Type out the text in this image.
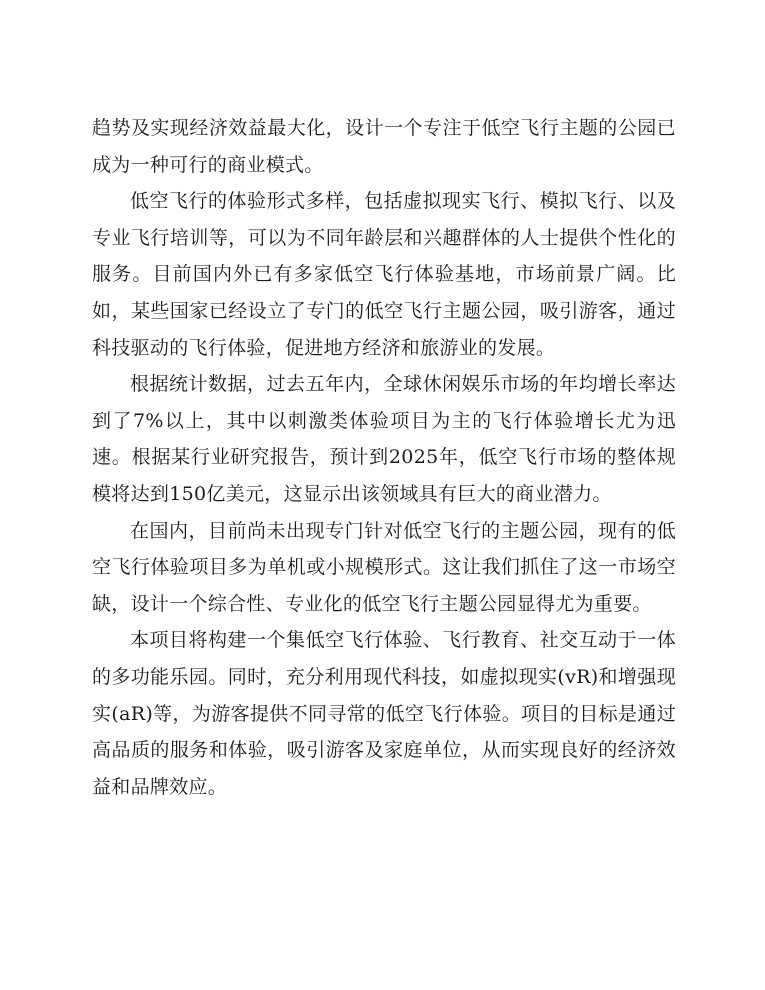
趋势及实现经济效益最大化，设计一个专注于低空飞行主题的公园已成为一种可行的商业模式。

低空飞行的体验形式多样，包括虚拟现实飞行、模拟飞行、以及专业飞行培训等，可以为不同年龄层和兴趣群体的人士提供个性化的服务。目前国内外已有多家低空飞行体验基地，市场前景广阔。比如，某些国家已经设立了专门的低空飞行主题公园，吸引游客，通过科技驱动的飞行体验，促进地方经济和旅游业的发展。

根据统计数据，过去五年内，全球休闲娱乐市场的年均增长率达到了7%以上，其中以刺激类体验项目为主的飞行体验增长尤为迅速。根据某行业研究报告，预计到2025年，低空飞行市场的整体规模将达到150亿美元，这显示出该领域具有巨大的商业潜力。

在国内，目前尚未出现专门针对低空飞行的主题公园，现有的低空飞行体验项目多为单机或小规模形式。这让我们抓住了这一市场空缺，设计一个综合性、专业化的低空飞行主题公园显得尤为重要。

本项目将构建一个集低空飞行体验、飞行教育、社交互动于一体的多功能乐园。同时，充分利用现代科技，如虚拟现实(vR)和增强现实(aR)等，为游客提供不同寻常的低空飞行体验。项目的目标是通过高品质的服务和体验，吸引游客及家庭单位，从而实现良好的经济效益和品牌效应。
